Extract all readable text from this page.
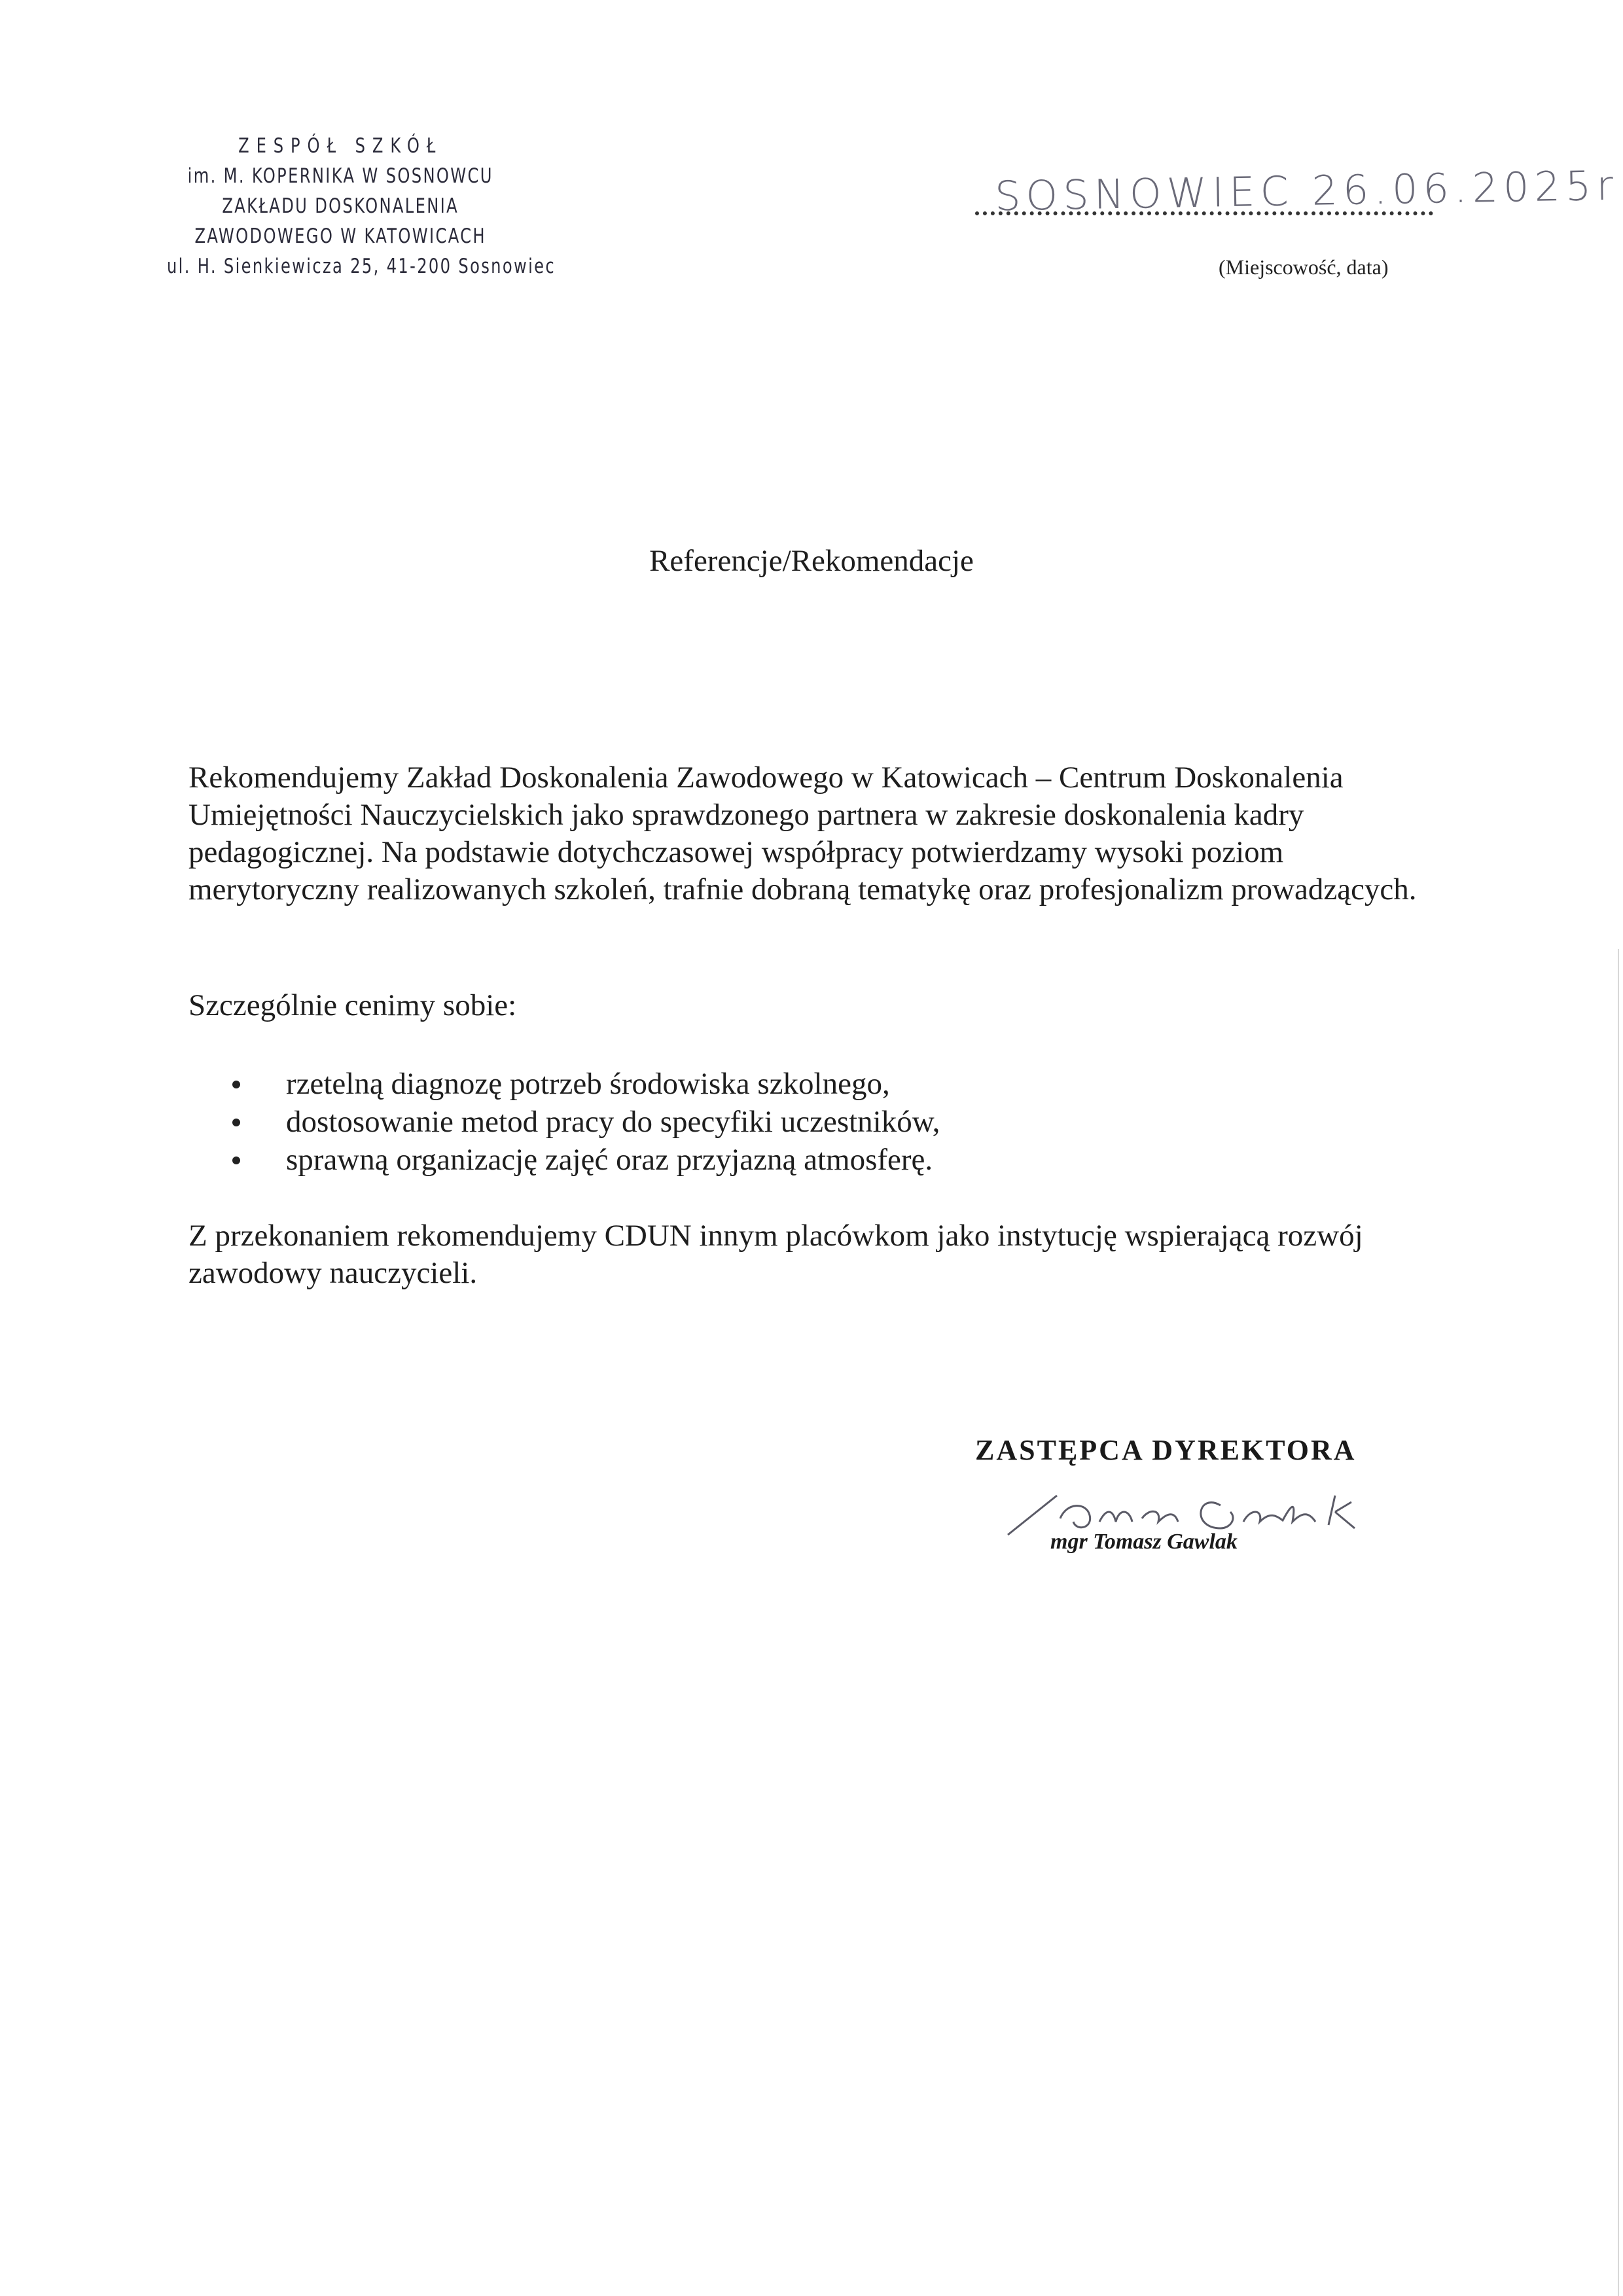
ZESPÓŁ SZKÓŁ
im. M. KOPERNIKA W SOSNOWCU
ZAKŁADU DOSKONALENIA
ZAWODOWEGO W KATOWICACH
ul. H. Sienkiewicza 25, 41-200 Sosnowiec
SOSNOWIEC 26.06.2025r
(Miejscowość, data)
Referencje/Rekomendacje
Rekomendujemy Zakład Doskonalenia Zawodowego w Katowicach – Centrum Doskonalenia Umiejętności Nauczycielskich jako sprawdzonego partnera w zakresie doskonalenia kadry pedagogicznej. Na podstawie dotychczasowej współpracy potwierdzamy wysoki poziom merytoryczny realizowanych szkoleń, trafnie dobraną tematykę oraz profesjonalizm prowadzących.
Szczególnie cenimy sobie:
rzetelną diagnozę potrzeb środowiska szkolnego,
dostosowanie metod pracy do specyfiki uczestników,
sprawną organizację zajęć oraz przyjazną atmosferę.
Z przekonaniem rekomendujemy CDUN innym placówkom jako instytucję wspierającą rozwój zawodowy nauczycieli.
ZASTĘPCA DYREKTORA
mgr Tomasz Gawlak
